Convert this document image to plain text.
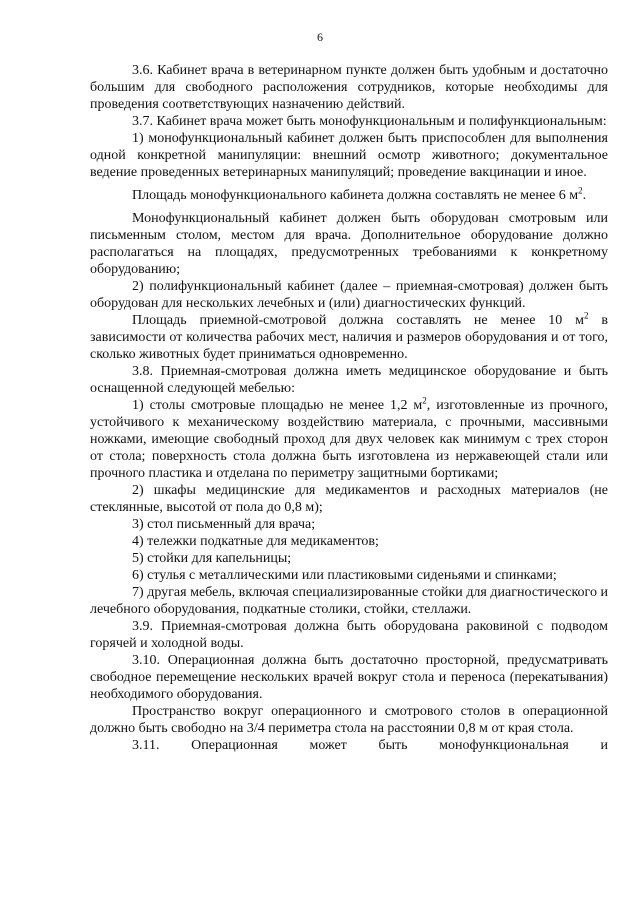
6

3.6. Кабинет врача в ветеринарном пункте должен быть удобным и достаточно большим для свободного расположения сотрудников, которые необходимы для проведения соответствующих назначению действий.

3.7. Кабинет врача может быть монофункциональным и полифункциональным:

1) монофункциональный кабинет должен быть приспособлен для выполнения одной конкретной манипуляции: внешний осмотр животного; документальное ведение проведенных ветеринарных манипуляций; проведение вакцинации и иное.

Площадь монофункционального кабинета должна составлять не менее 6 $м^2$.

Монофункциональный кабинет должен быть оборудован смотровым или письменным столом, местом для врача. Дополнительное оборудование должно располагаться на площадях, предусмотренных требованиями к конкретному оборудованию;

2) полифункциональный кабинет (далее – приемная-смотровая) должен быть оборудован для нескольких лечебных и (или) диагностических функций.

Площадь приемной-смотровой должна составлять не менее 10 $м^2$ в зависимости от количества рабочих мест, наличия и размеров оборудования и от того, сколько животных будет приниматься одновременно.

3.8. Приемная-смотровая должна иметь медицинское оборудование и быть оснащенной следующей мебелью:

1) столы смотровые площадью не менее 1,2 $м^2$, изготовленные из прочного, устойчивого к механическому воздействию материала, с прочными, массивными ножками, имеющие свободный проход для двух человек как минимум с трех сторон от стола; поверхность стола должна быть изготовлена из нержавеющей стали или прочного пластика и отделана по периметру защитными бортиками;

2) шкафы медицинские для медикаментов и расходных материалов (не стеклянные, высотой от пола до 0,8 м);

3) стол письменный для врача;

4) тележки подкатные для медикаментов;

5) стойки для капельницы;

6) стулья с металлическими или пластиковыми сиденьями и спинками;

7) другая мебель, включая специализированные стойки для диагностического и лечебного оборудования, подкатные столики, стойки, стеллажи.

3.9. Приемная-смотровая должна быть оборудована раковиной с подводом горячей и холодной воды.

3.10. Операционная должна быть достаточно просторной, предусматривать свободное перемещение нескольких врачей вокруг стола и переноса (перекатывания) необходимого оборудования.

Пространство вокруг операционного и смотрового столов в операционной должно быть свободно на 3/4 периметра стола на расстоянии 0,8 м от края стола.

3.11. Операционная может быть монофункциональная и
